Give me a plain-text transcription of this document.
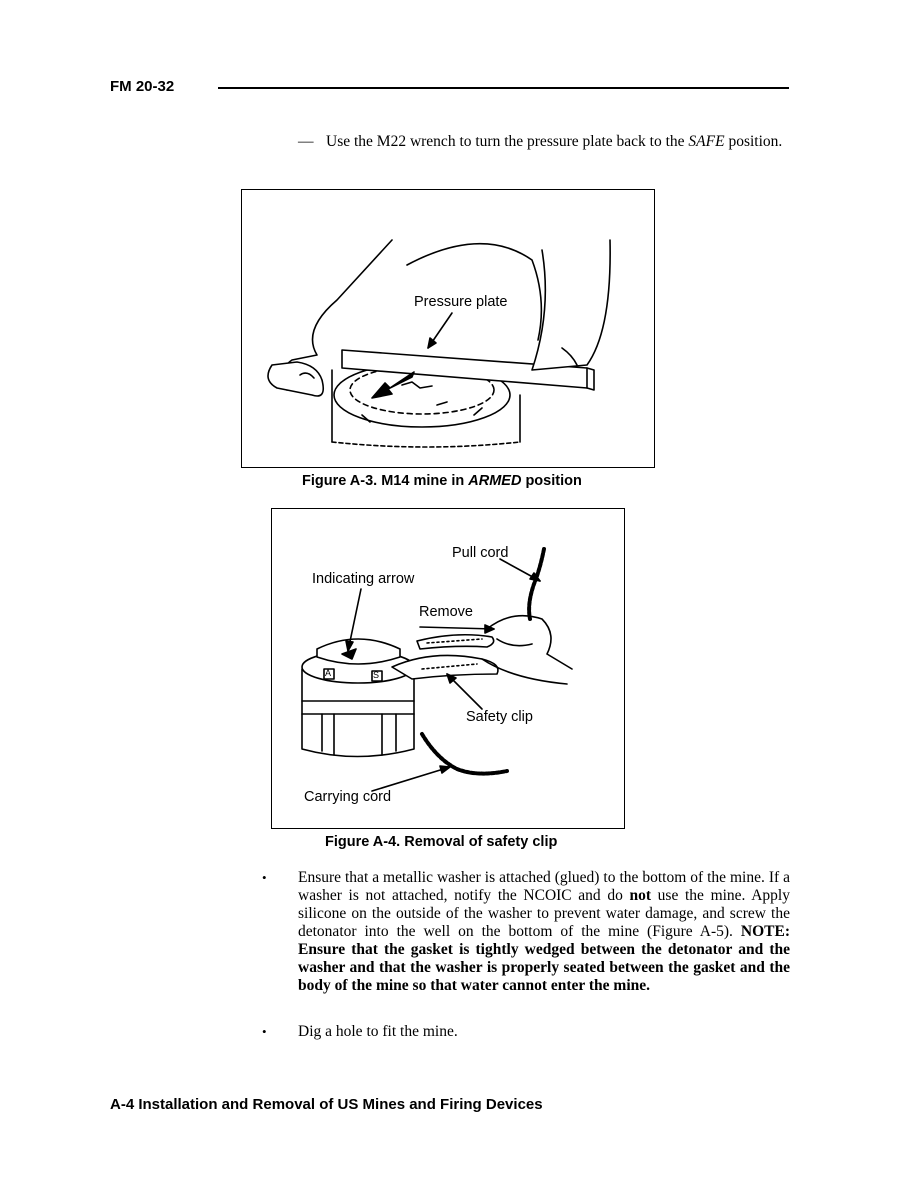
FM 20-32
— Use the M22 wrench to turn the pressure plate back to the SAFE position.
Pressure plate
Figure A-3. M14 mine in ARMED position
Pull cord
Indicating arrow
Remove
Safety clip
Carrying cord
A	S
Figure A-4. Removal of safety clip
• Ensure that a metallic washer is attached (glued) to the bottom of the mine. If a washer is not attached, notify the NCOIC and do not use the mine. Apply silicone on the outside of the washer to prevent water damage, and screw the detonator into the well on the bottom of the mine (Figure A-5). NOTE: Ensure that the gasket is tightly wedged between the detonator and the washer and that the washer is properly seated between the gasket and the body of the mine so that water cannot enter the mine.
• Dig a hole to fit the mine.
A-4 Installation and Removal of US Mines and Firing Devices
